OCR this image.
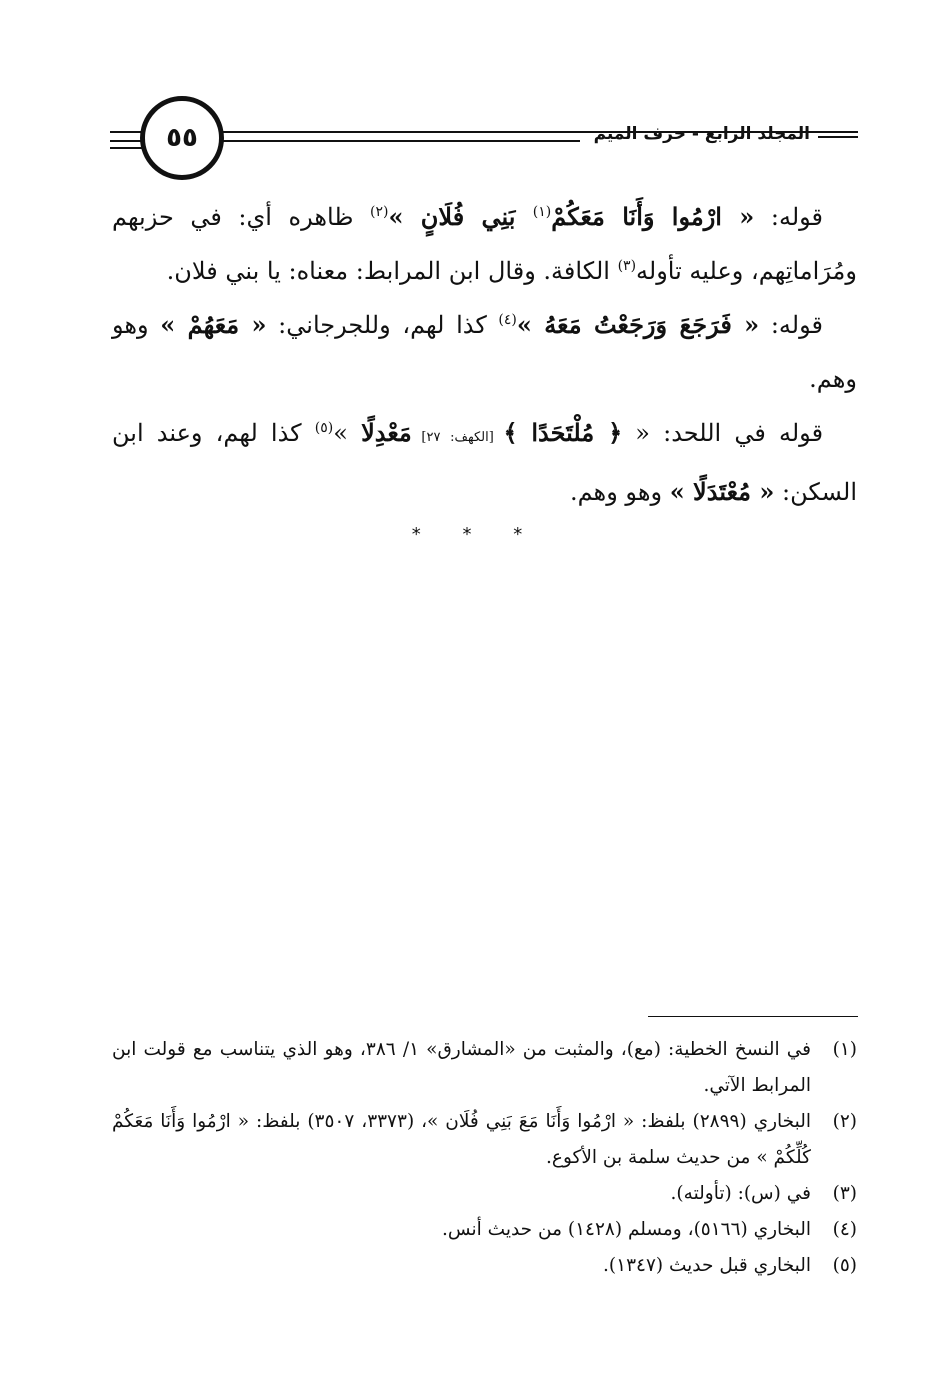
٥٥	المجلد الرابع - حرف الميم

قوله: « ارْمُوا وَأَنَا مَعَكُمْ$^{(١)}$ بَنِي فُلَانٍ »$^{(٢)}$ ظاهره أي: في حزبهم ومُرَاماتِهم، وعليه تأوله$^{(٣)}$ الكافة. وقال ابن المرابط: معناه: يا بني فلان.

قوله: « فَرَجَعَ وَرَجَعْتُ مَعَهُ »$^{(٤)}$ كذا لهم، وللجرجاني: « مَعَهُمْ » وهو وهم.

قوله في اللحد: « ﴿ مُلْتَحَدًا ﴾ [الكهف: ٢٧] مَعْدِلًا »$^{(٥)}$ كذا لهم، وعند ابن السكن: « مُعْتَدَلًا » وهو وهم.

* * *
(١)
في النسخ الخطية: (مع)، والمثبت من «المشارق» ١/ ٣٨٦، وهو الذي يتناسب مع قولت ابن المرابط الآتي.
(٢)
البخاري (٢٨٩٩) بلفظ: « ارْمُوا وَأَنَا مَعَ بَنِي فُلَان »، (٣٣٧٣، ٣٥٠٧) بلفظ: « ارْمُوا وَأَنَا مَعَكُمْ كُلِّكُمْ » من حديث سلمة بن الأكوع.
(٣)
في (س): (تأولته).
(٤)
البخاري (٥١٦٦)، ومسلم (١٤٢٨) من حديث أنس.
(٥)
البخاري قبل حديث (١٣٤٧).
